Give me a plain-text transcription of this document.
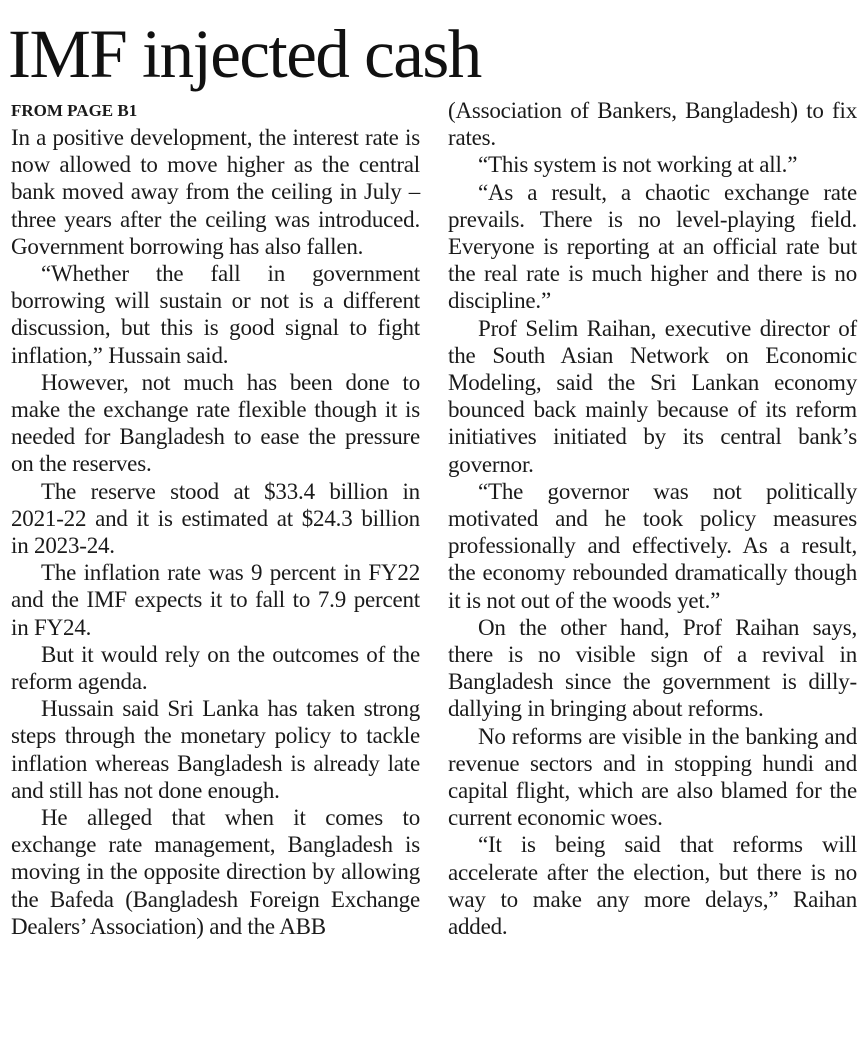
IMF injected cash
FROM PAGE B1

In a positive development, the interest rate is now allowed to move higher as the central bank moved away from the ceiling in July – three years after the ceiling was introduced. Government borrowing has also fallen.

“Whether the fall in government borrowing will sustain or not is a different discussion, but this is good signal to fight inflation,” Hussain said.

However, not much has been done to make the exchange rate flexible though it is needed for Bangladesh to ease the pressure on the reserves.

The reserve stood at $33.4 billion in 2021-22 and it is estimated at $24.3 billion in 2023-24.

The inflation rate was 9 percent in FY22 and the IMF expects it to fall to 7.9 percent in FY24.

But it would rely on the outcomes of the reform agenda.

Hussain said Sri Lanka has taken strong steps through the monetary policy to tackle inflation whereas Bangladesh is already late and still has not done enough.

He alleged that when it comes to exchange rate management, Bangladesh is moving in the opposite direction by allowing the Bafeda (Bangladesh Foreign Exchange Dealers’ Association) and the ABB

(Association of Bankers, Bangladesh) to fix rates.

“This system is not working at all.”

“As a result, a chaotic exchange rate prevails. There is no level-playing field. Everyone is reporting at an official rate but the real rate is much higher and there is no discipline.”

Prof Selim Raihan, executive director of the South Asian Network on Economic Modeling, said the Sri Lankan economy bounced back mainly because of its reform initiatives initiated by its central bank’s governor.

“The governor was not politically motivated and he took policy measures professionally and effectively. As a result, the economy rebounded dramatically though it is not out of the woods yet.”

On the other hand, Prof Raihan says, there is no visible sign of a revival in Bangladesh since the government is dilly-dallying in bringing about reforms.

No reforms are visible in the banking and revenue sectors and in stopping hundi and capital flight, which are also blamed for the current economic woes.

“It is being said that reforms will accelerate after the election, but there is no way to make any more delays,” Raihan added.
